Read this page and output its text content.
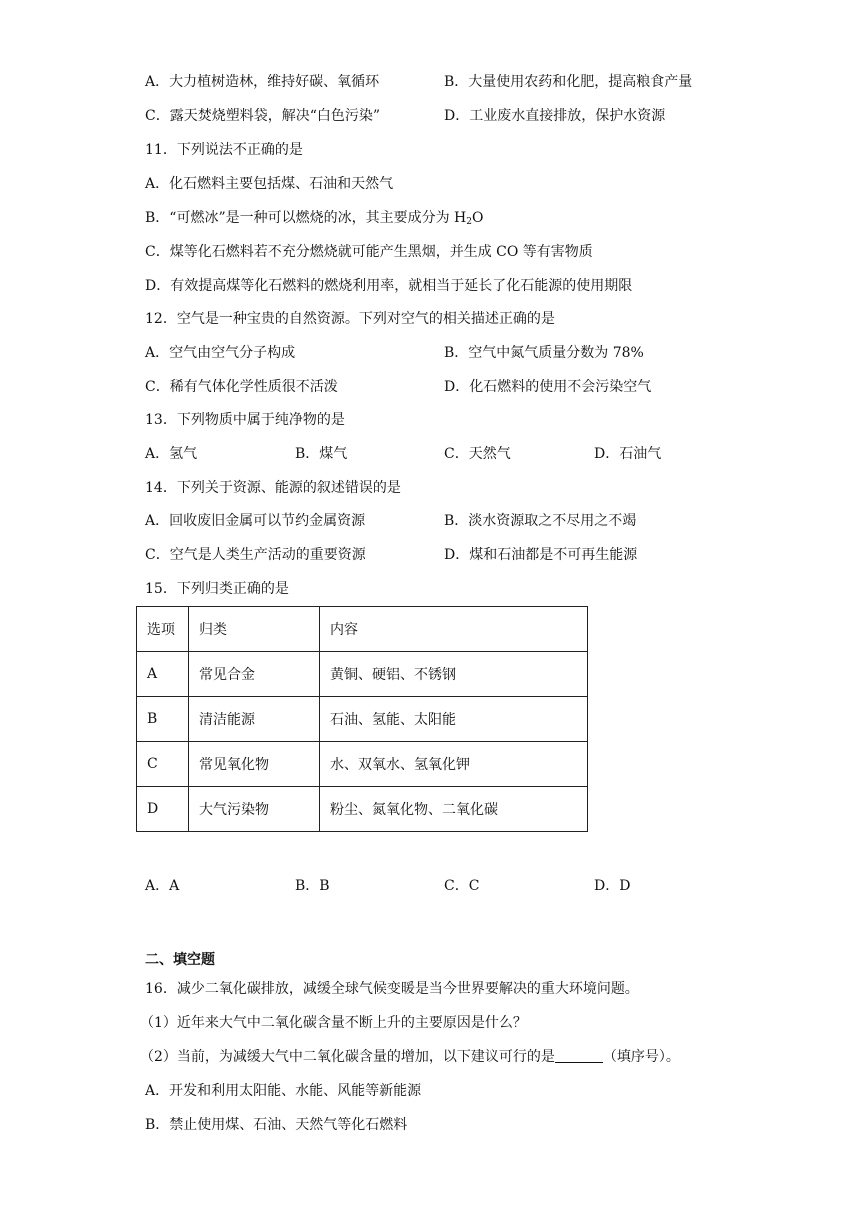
A．大力植树造林，维持好碳、氧循环	B．大量使用农药和化肥，提高粮食产量
C．露天焚烧塑料袋，解决“白色污染”	D．工业废水直接排放，保护水资源
11．下列说法不正确的是
A．化石燃料主要包括煤、石油和天然气
B．“可燃冰”是一种可以燃烧的冰，其主要成分为 $H_2O$
C．煤等化石燃料若不充分燃烧就可能产生黑烟，并生成 CO 等有害物质
D．有效提高煤等化石燃料的燃烧利用率，就相当于延长了化石能源的使用期限
12．空气是一种宝贵的自然资源。下列对空气的相关描述正确的是
A．空气由空气分子构成	B．空气中氮气质量分数为 78%
C．稀有气体化学性质很不活泼	D．化石燃料的使用不会污染空气
13．下列物质中属于纯净物的是
A．氢气	B．煤气	C．天然气	D．石油气
14．下列关于资源、能源的叙述错误的是
A．回收废旧金属可以节约金属资源	B．淡水资源取之不尽用之不竭
C．空气是人类生产活动的重要资源	D．煤和石油都是不可再生能源
15．下列归类正确的是
选项	归类	内容
A	常见合金	黄铜、硬铝、不锈钢
B	清洁能源	石油、氢能、太阳能
C	常见氧化物	水、双氧水、氢氧化钾
D	大气污染物	粉尘、氮氧化物、二氧化碳
A．A	B．B	C．C	D．D
二、填空题
16．减少二氧化碳排放，减缓全球气候变暖是当今世界要解决的重大环境问题。
（1）近年来大气中二氧化碳含量不断上升的主要原因是什么？
（2）当前，为减缓大气中二氧化碳含量的增加，以下建议可行的是	（填序号）。
A．开发和利用太阳能、水能、风能等新能源
B．禁止使用煤、石油、天然气等化石燃料
